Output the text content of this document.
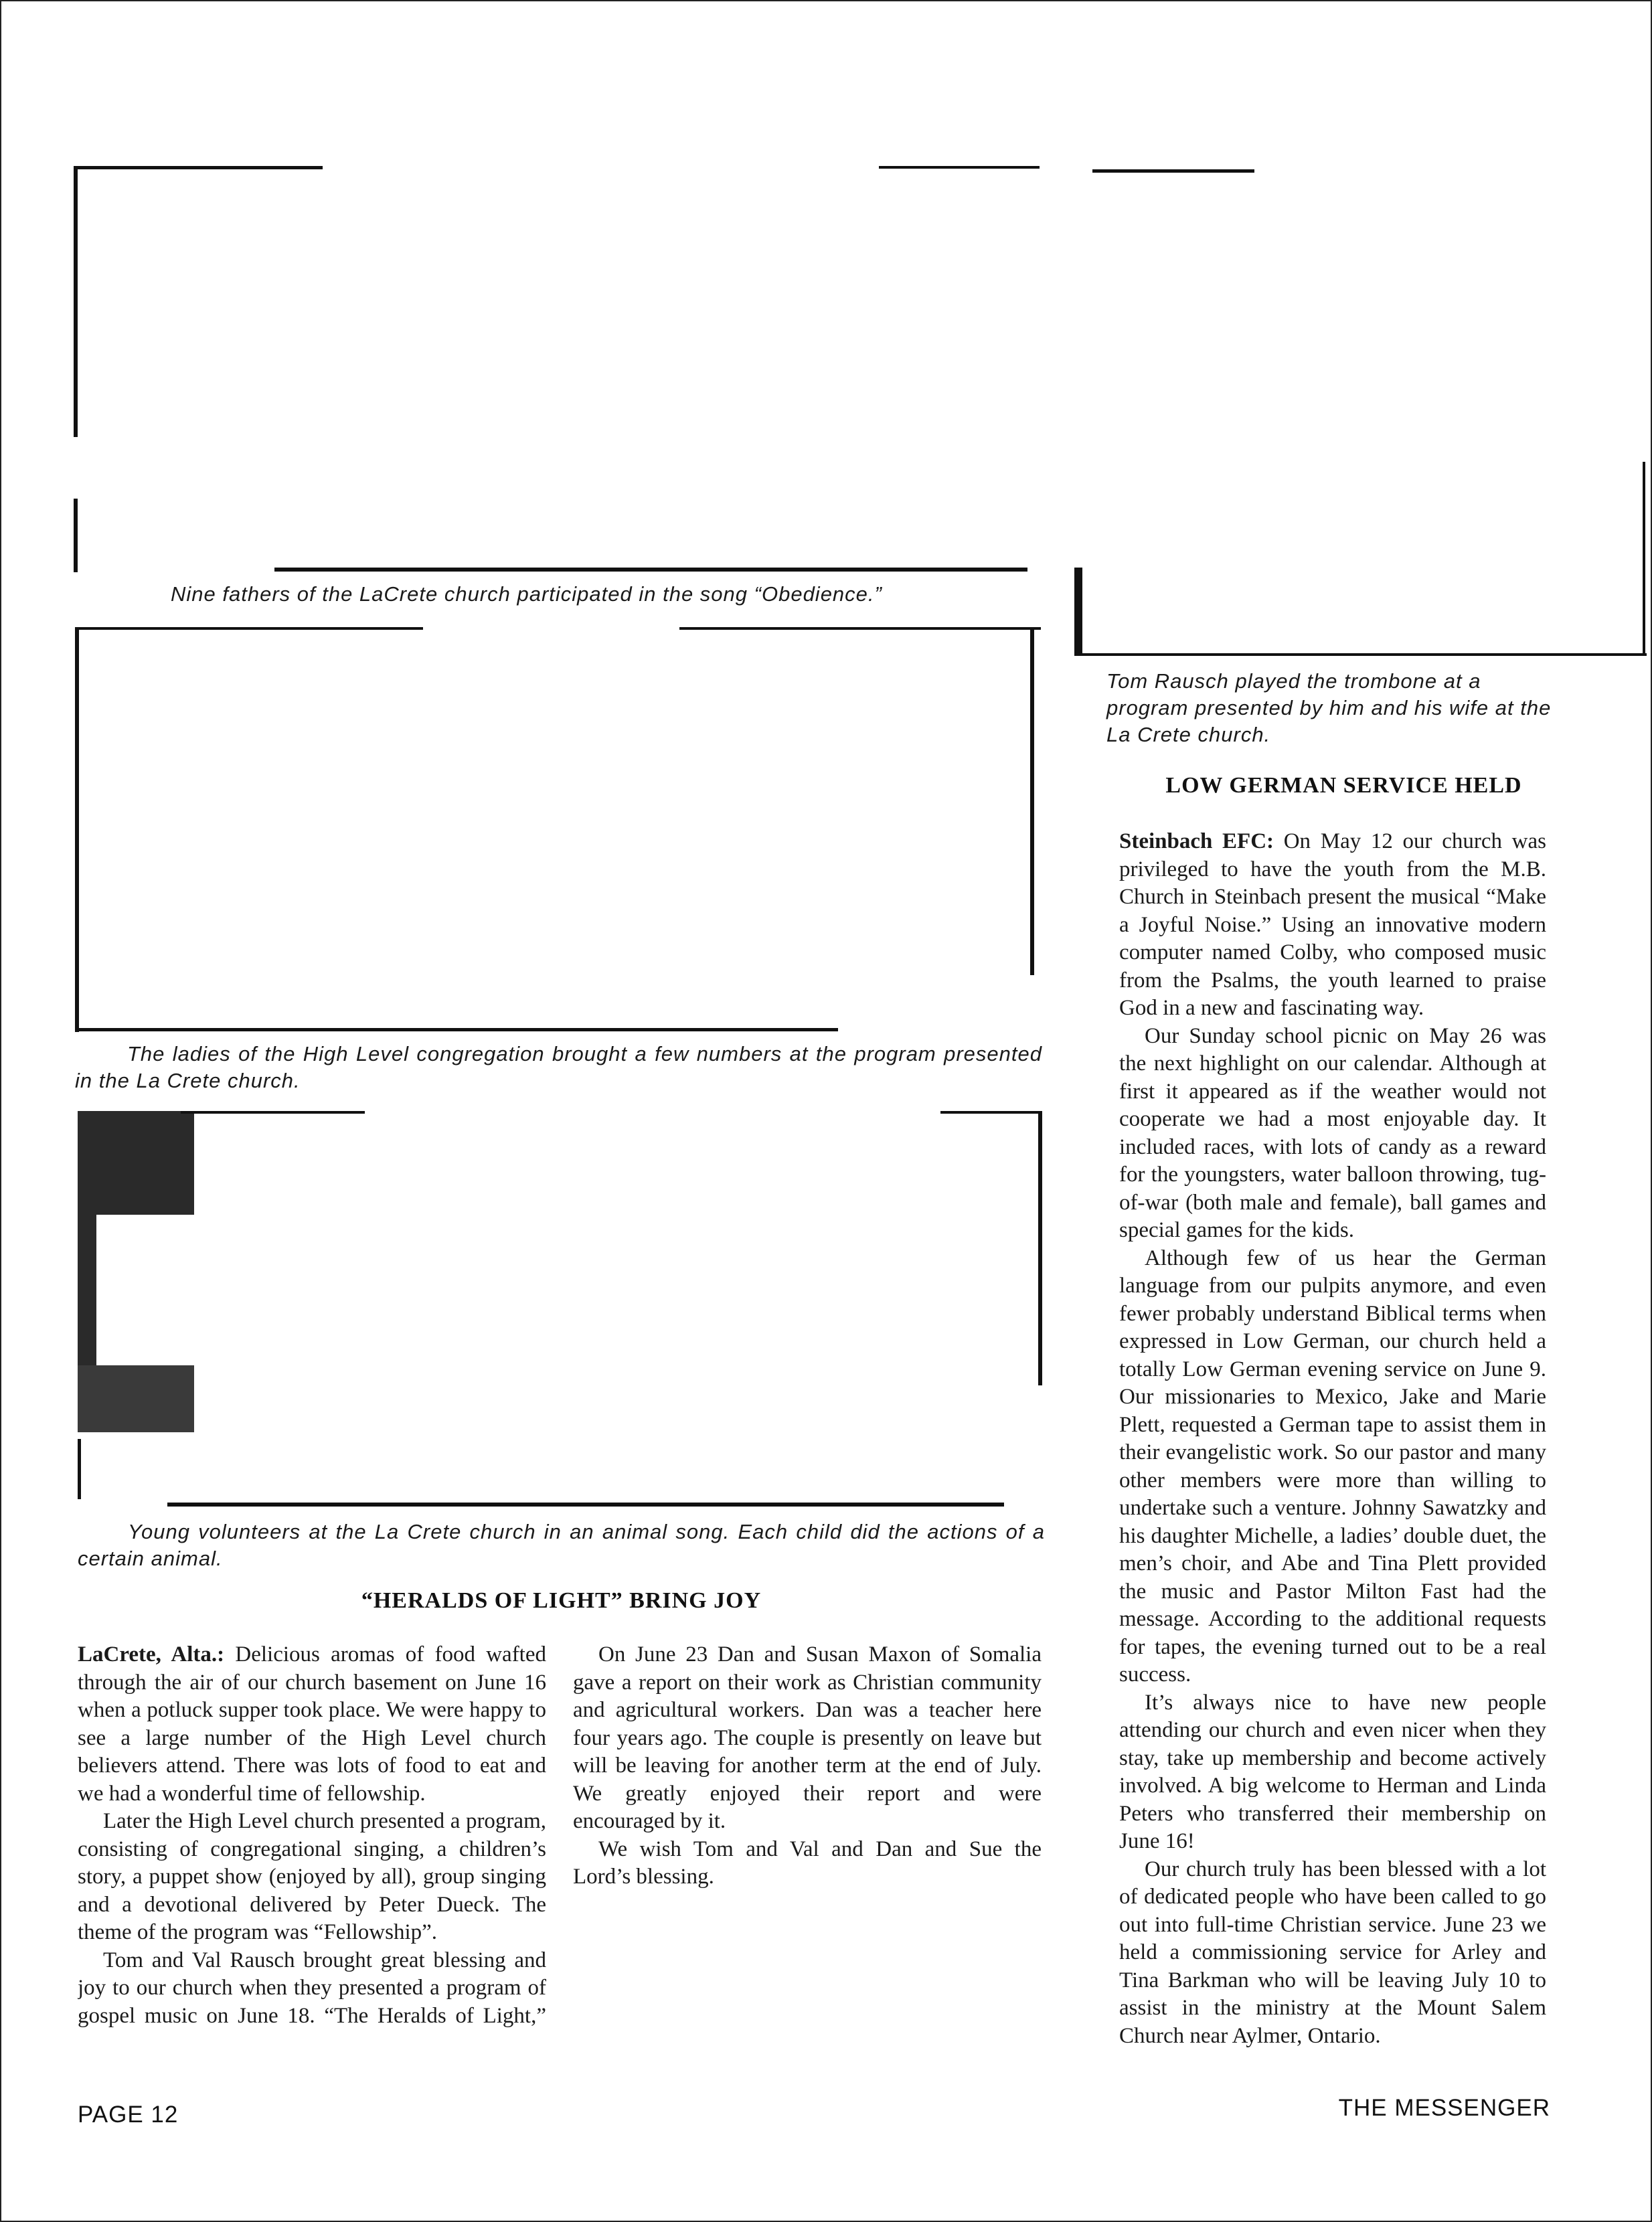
Nine fathers of the LaCrete church participated in the song “Obedience.”
Tom Rausch played the trombone at a program presented by him and his wife at the La Crete church.
The ladies of the High Level congregation brought a few numbers at the program presented in the La Crete church.
Young volunteers at the La Crete church in an animal song. Each child did the actions of a certain animal.
“HERALDS OF LIGHT” BRING JOY

LaCrete, Alta.: Delicious aromas of food wafted through the air of our church basement on June 16 when a potluck supper took place. We were happy to see a large number of the High Level church believers attend. There was lots of food to eat and we had a wonderful time of fellowship.

Later the High Level church presented a program, consisting of congregational singing, a children’s story, a puppet show (enjoyed by all), group singing and a devotional delivered by Peter Dueck. The theme of the program was “Fellowship”.

Tom and Val Rausch brought great blessing and joy to our church when they presented a program of gospel music on June 18. “The Heralds of Light,”

On June 23 Dan and Susan Maxon of Somalia gave a report on their work as Christian community and agricultural workers. Dan was a teacher here four years ago. The couple is presently on leave but will be leaving for another term at the end of July. We greatly enjoyed their report and were encouraged by it.

We wish Tom and Val and Dan and Sue the Lord’s blessing.

LOW GERMAN SERVICE HELD

Steinbach EFC: On May 12 our church was privileged to have the youth from the M.B. Church in Steinbach present the musical “Make a Joyful Noise.” Using an innovative modern computer named Colby, who composed music from the Psalms, the youth learned to praise God in a new and fascinating way.

Our Sunday school picnic on May 26 was the next highlight on our calendar. Although at first it appeared as if the weather would not cooperate we had a most enjoyable day. It included races, with lots of candy as a reward for the youngsters, water balloon throwing, tug-of-war (both male and female), ball games and special games for the kids.

Although few of us hear the German language from our pulpits anymore, and even fewer probably understand Biblical terms when expressed in Low German, our church held a totally Low German evening service on June 9. Our missionaries to Mexico, Jake and Marie Plett, requested a German tape to assist them in their evangelistic work. So our pastor and many other members were more than willing to undertake such a venture. Johnny Sawatzky and his daughter Michelle, a ladies’ double duet, the men’s choir, and Abe and Tina Plett provided the music and Pastor Milton Fast had the message. According to the additional requests for tapes, the evening turned out to be a real success.

It’s always nice to have new people attending our church and even nicer when they stay, take up membership and become actively involved. A big welcome to Herman and Linda Peters who transferred their membership on June 16!

Our church truly has been blessed with a lot of dedicated people who have been called to go out into full-time Christian service. June 23 we held a commissioning service for Arley and Tina Barkman who will be leaving July 10 to assist in the ministry at the Mount Salem Church near Aylmer, Ontario.

PAGE 12	THE MESSENGER
